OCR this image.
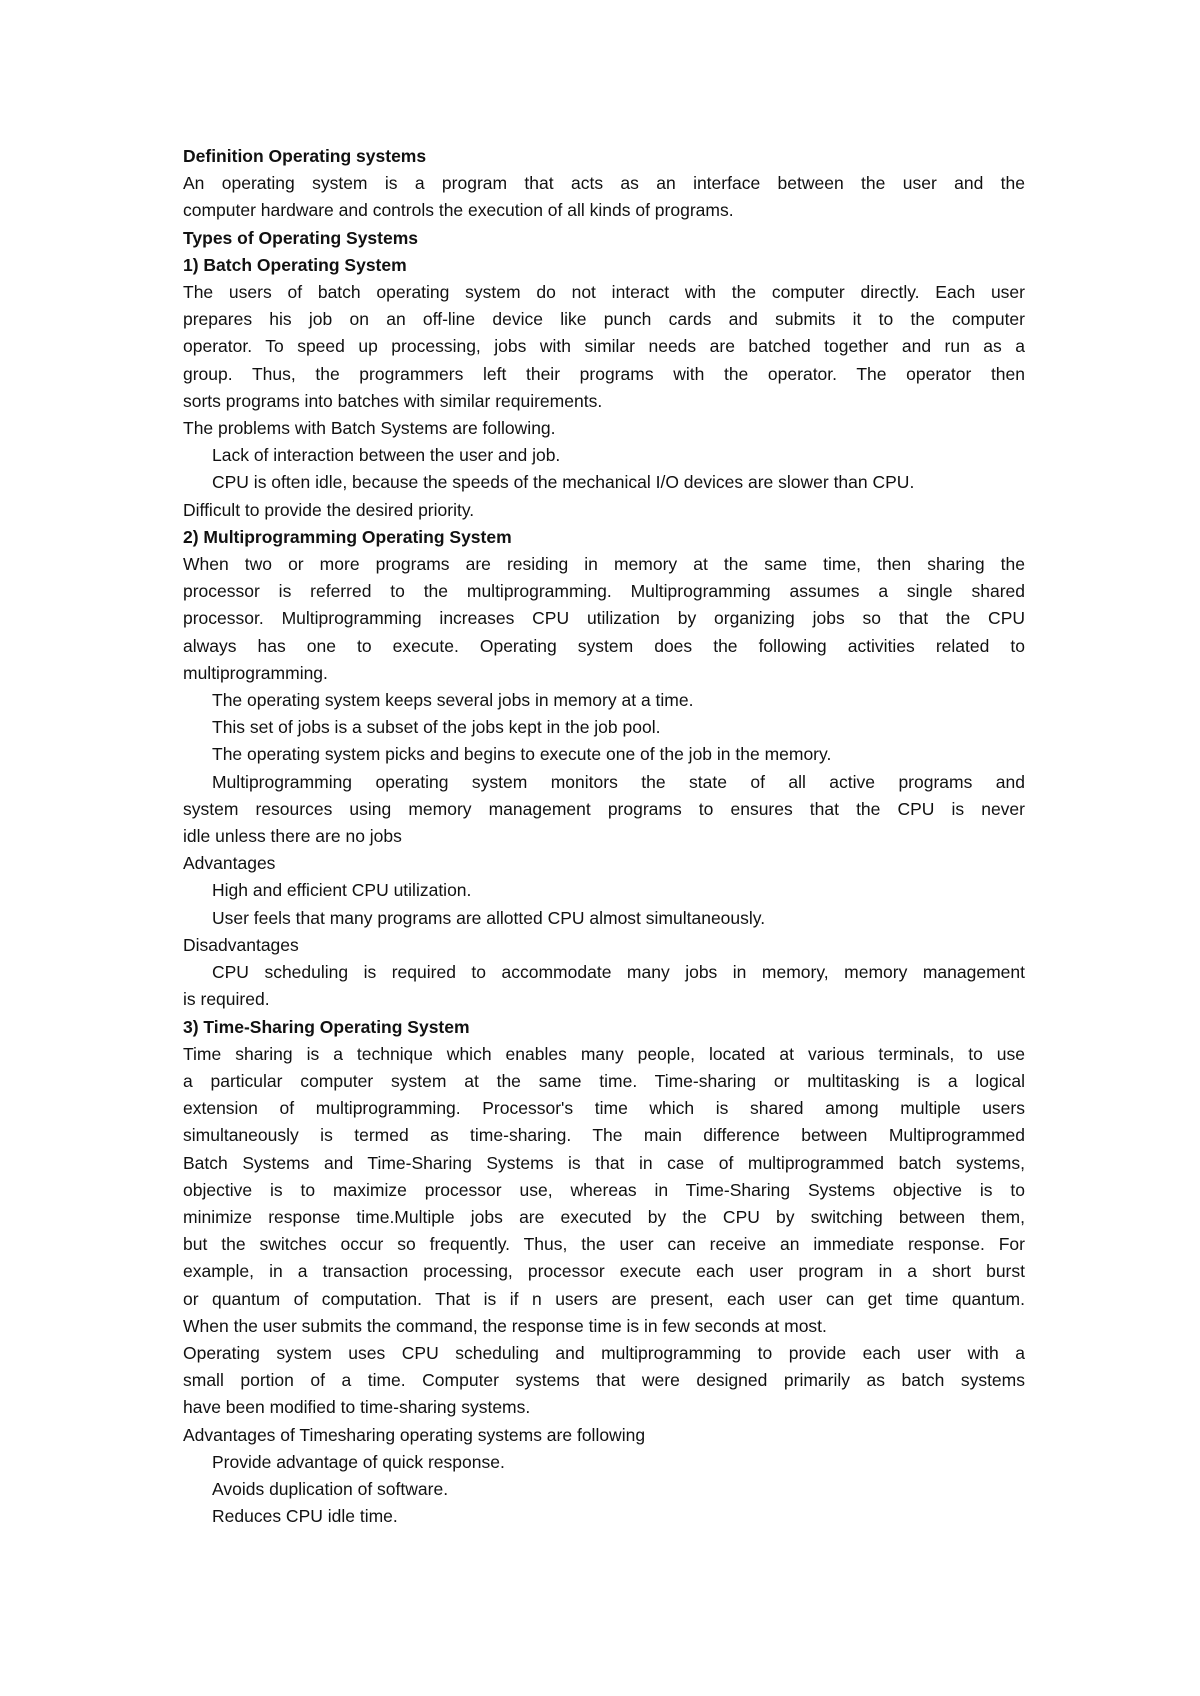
Definition Operating systems

An operating system is a program that acts as an interface between the user and the

computer hardware and controls the execution of all kinds of programs.

Types of Operating Systems

1) Batch Operating System

The users of batch operating system do not interact with the computer directly. Each user

prepares his job on an off-line device like punch cards and submits it to the computer

operator. To speed up processing, jobs with similar needs are batched together and run as a

group. Thus, the programmers left their programs with the operator. The operator then

sorts programs into batches with similar requirements.

The problems with Batch Systems are following.

Lack of interaction between the user and job.

CPU is often idle, because the speeds of the mechanical I/O devices are slower than CPU.

Difficult to provide the desired priority.

2) Multiprogramming Operating System

When two or more programs are residing in memory at the same time, then sharing the

processor is referred to the multiprogramming. Multiprogramming assumes a single shared

processor. Multiprogramming increases CPU utilization by organizing jobs so that the CPU

always has one to execute. Operating system does the following activities related to

multiprogramming.

The operating system keeps several jobs in memory at a time.

This set of jobs is a subset of the jobs kept in the job pool.

The operating system picks and begins to execute one of the job in the memory.

Multiprogramming operating system monitors the state of all active programs and

system resources using memory management programs to ensures that the CPU is never

idle unless there are no jobs

Advantages

High and efficient CPU utilization.

User feels that many programs are allotted CPU almost simultaneously.

Disadvantages

CPU scheduling is required to accommodate many jobs in memory, memory management

is required.

3) Time-Sharing Operating System

Time sharing is a technique which enables many people, located at various terminals, to use

a particular computer system at the same time. Time-sharing or multitasking is a logical

extension of multiprogramming. Processor's time which is shared among multiple users

simultaneously is termed as time-sharing. The main difference between Multiprogrammed

Batch Systems and Time-Sharing Systems is that in case of multiprogrammed batch systems,

objective is to maximize processor use, whereas in Time-Sharing Systems objective is to

minimize response time.Multiple jobs are executed by the CPU by switching between them,

but the switches occur so frequently. Thus, the user can receive an immediate response. For

example, in a transaction processing, processor execute each user program in a short burst

or quantum of computation. That is if n users are present, each user can get time quantum.

When the user submits the command, the response time is in few seconds at most.

Operating system uses CPU scheduling and multiprogramming to provide each user with a

small portion of a time. Computer systems that were designed primarily as batch systems

have been modified to time-sharing systems.

Advantages of Timesharing operating systems are following

Provide advantage of quick response.

Avoids duplication of software.

Reduces CPU idle time.
